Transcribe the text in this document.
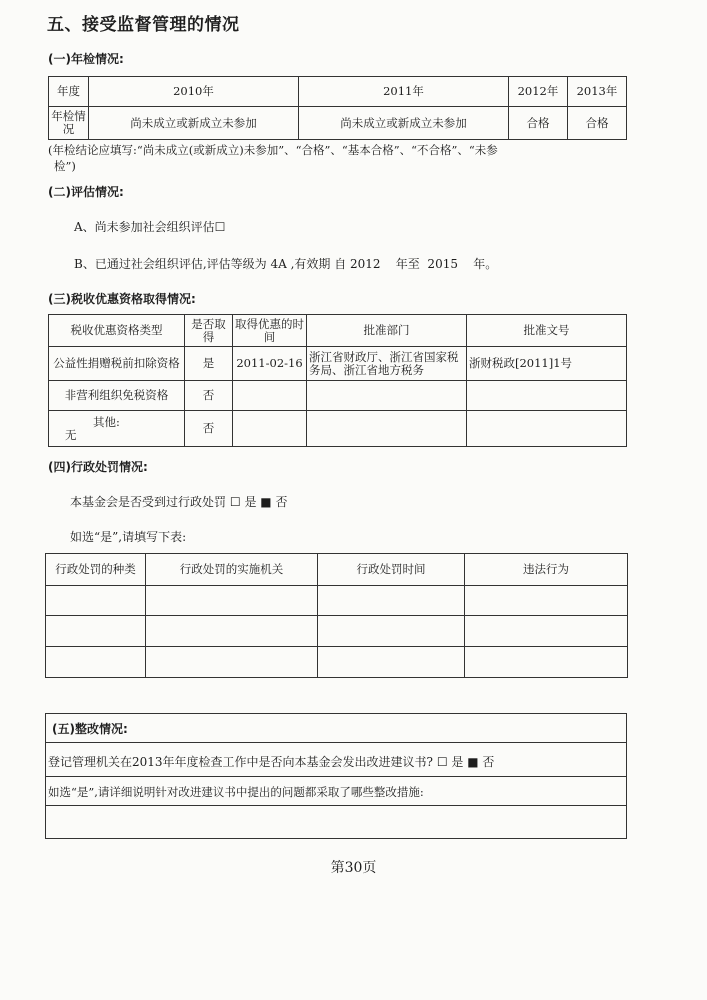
五、接受监督管理的情况
(一)年检情况:
年度	2010年	2011年	2012年	2013年
年检情况	尚未成立或新成立未参加	尚未成立或新成立未参加	合格	合格
(年检结论应填写:“尚未成立(或新成立)未参加”、“合格”、“基本合格”、“不合格”、“未参
检”)
(二)评估情况:
A、尚未参加社会组织评估☐
B、已通过社会组织评估,评估等级为 4A ,有效期 自 2012    年至  2015    年。
(三)税收优惠资格取得情况:
税收优惠资格类型	是否取得	取得优惠的时间	批准部门	批准文号
公益性捐赠税前扣除资格	是	2011-02-16	浙江省财政厅、浙江省国家税务局、浙江省地方税务	浙财税政[2011]1号
非营利组织免税资格	否			
其他:
无	否			
(四)行政处罚情况:
本基金会是否受到过行政处罚 ☐ 是 ■ 否
如选“是”,请填写下表:
行政处罚的种类	行政处罚的实施机关	行政处罚时间	违法行为

(五)整改情况:
登记管理机关在2013年年度检查工作中是否向本基金会发出改进建议书? ☐ 是 ■ 否
如选“是”,请详细说明针对改进建议书中提出的问题都采取了哪些整改措施:
第30页
